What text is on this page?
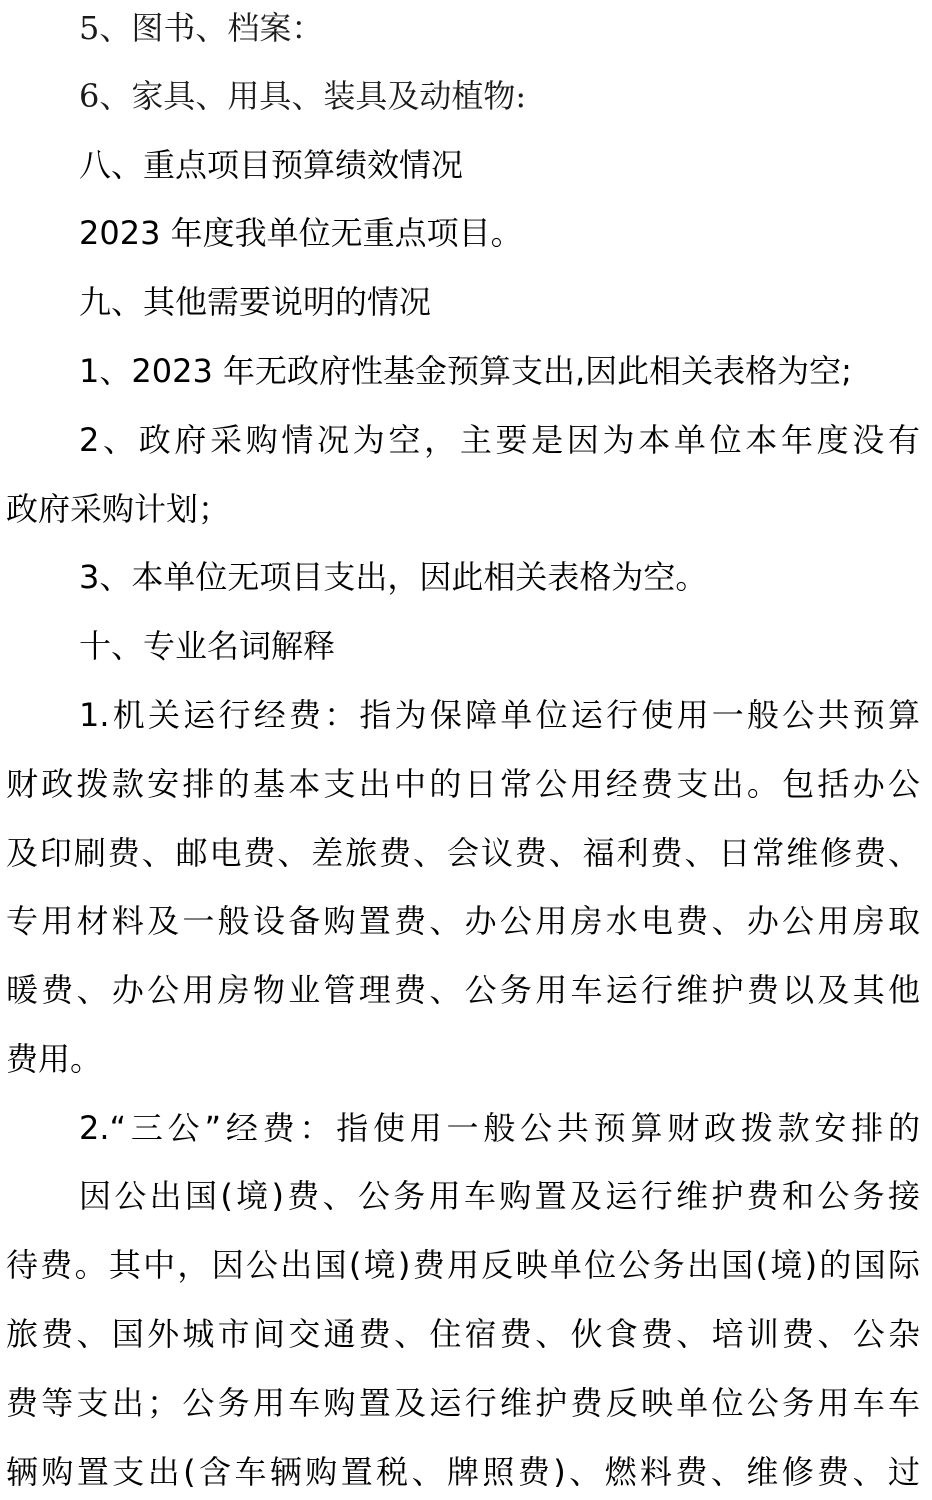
5、图书、档案：
6、家具、用具、装具及动植物:
八、重点项目预算绩效情况
2023 年度我单位无重点项目。
九、其他需要说明的情况
1、2023 年无政府性基金预算支出,因此相关表格为空;
2、政府采购情况为空，主要是因为本单位本年度没有
政府采购计划；
3、本单位无项目支出，因此相关表格为空。
十、专业名词解释
1.机关运行经费：指为保障单位运行使用一般公共预算
财政拨款安排的基本支出中的日常公用经费支出。包括办公
及印刷费、邮电费、差旅费、会议费、福利费、日常维修费、
专用材料及一般设备购置费、办公用房水电费、办公用房取
暖费、办公用房物业管理费、公务用车运行维护费以及其他
费用。
2.“三公”经费：指使用一般公共预算财政拨款安排的
因公出国(境)费、公务用车购置及运行维护费和公务接
待费。其中，因公出国(境)费用反映单位公务出国(境)的国际
旅费、国外城市间交通费、住宿费、伙食费、培训费、公杂
费等支出；公务用车购置及运行维护费反映单位公务用车车
辆购置支出(含车辆购置税、牌照费)、燃料费、维修费、过
